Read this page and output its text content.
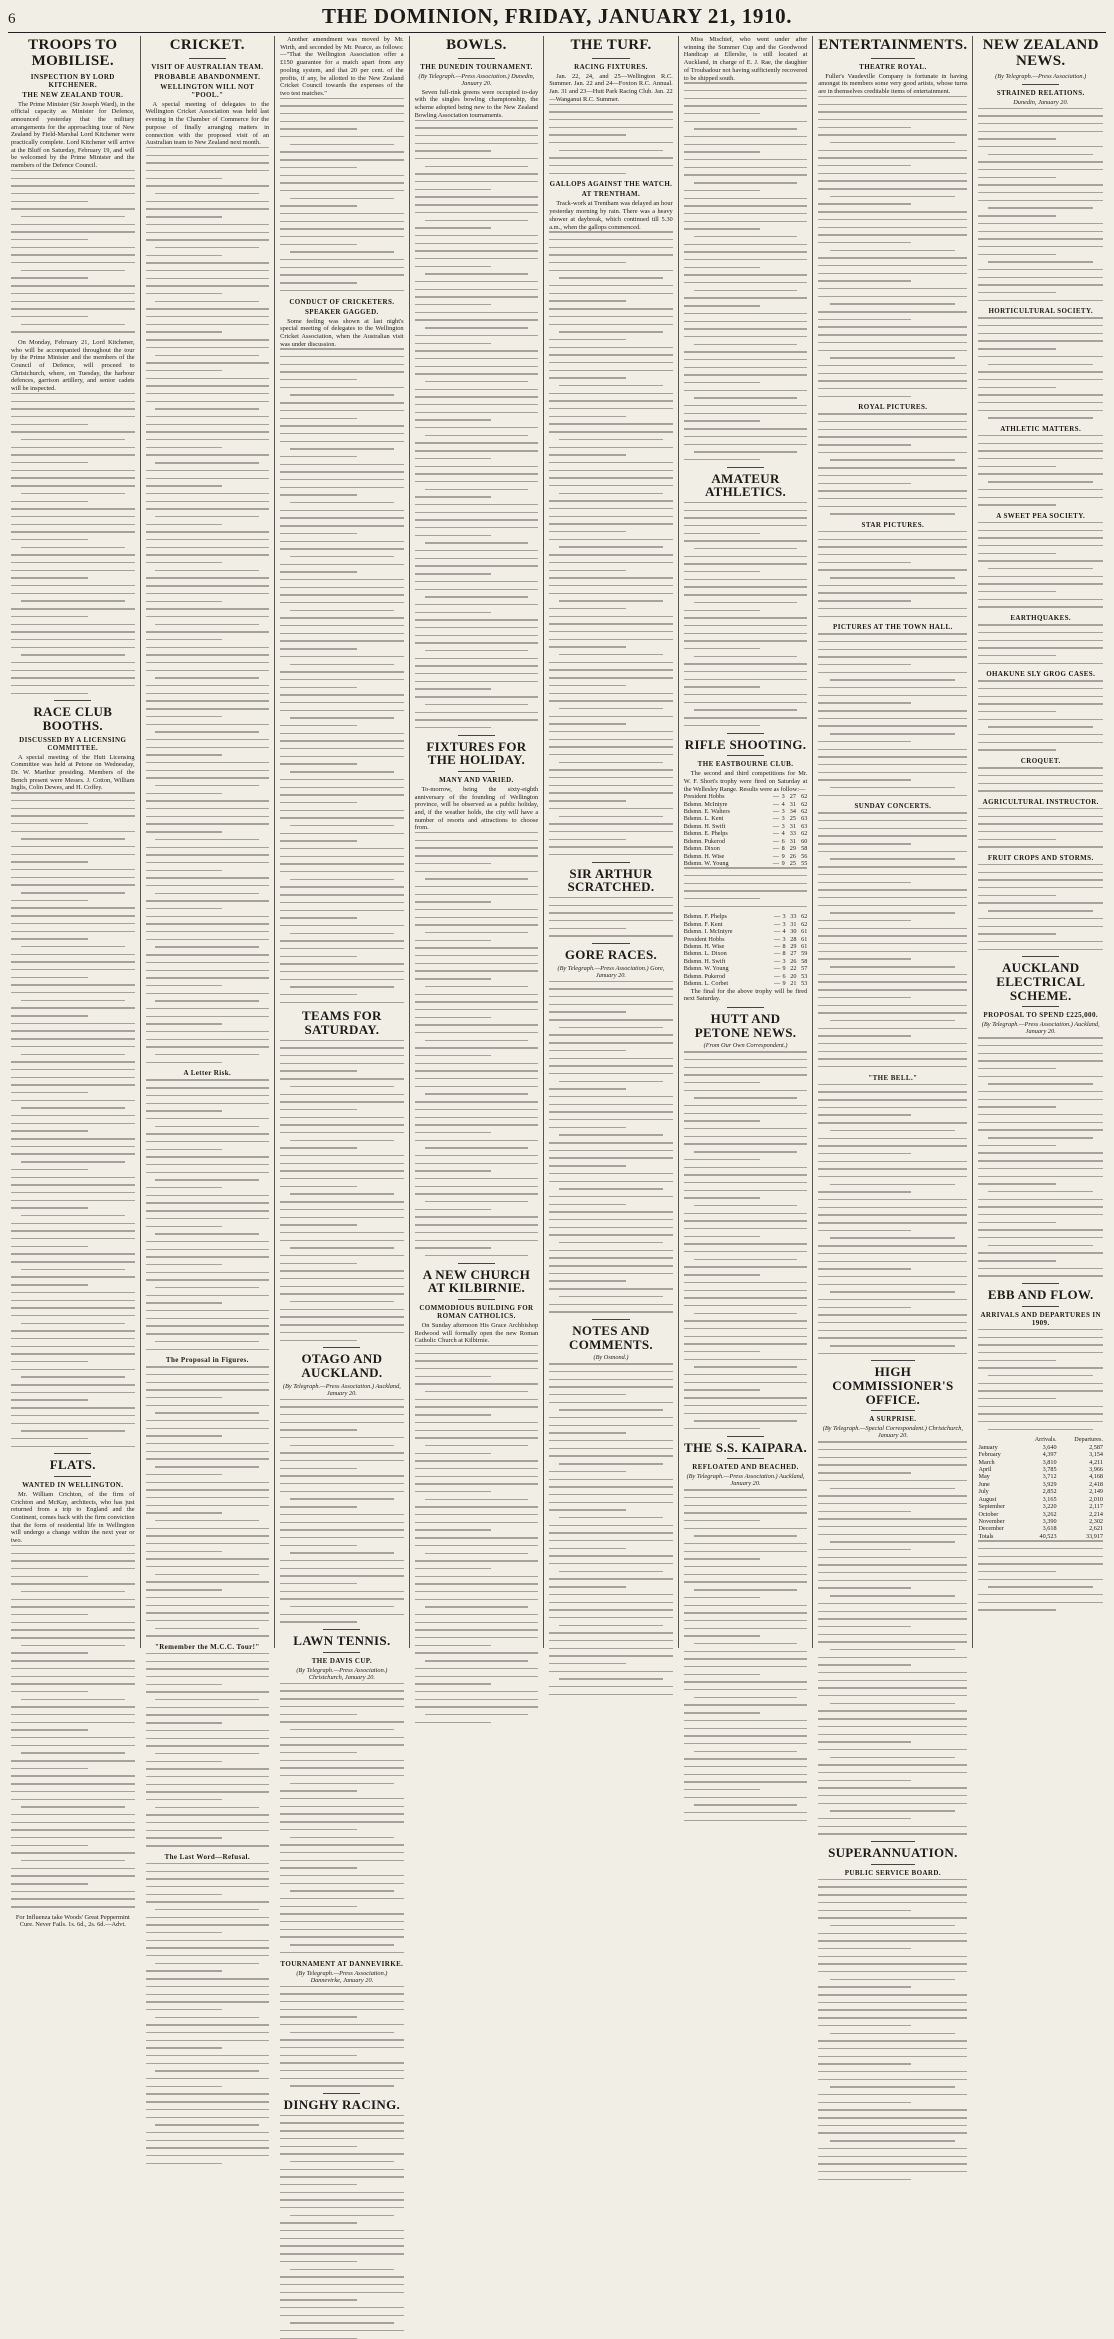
6	THE DOMINION, FRIDAY, JANUARY 21, 1910.
TROOPS TO MOBILISE.
INSPECTION BY LORD KITCHENER.
THE NEW ZEALAND TOUR.

The Prime Minister (Sir Joseph Ward), in the official capacity as Minister for Defence, announced yesterday that the military arrangements for the approaching tour of New Zealand by Field-Marshal Lord Kitchener were practically complete. Lord Kitchener will arrive at the Bluff on Saturday, February 19, and will be welcomed by the Prime Minister and the members of the Defence Council.

On Monday, February 21, Lord Kitchener, who will be accompanied throughout the tour by the Prime Minister and the members of the Council of Defence, will proceed to Christchurch, where, on Tuesday, the harbour defences, garrison artillery, and senior cadets will be inspected.

RACE CLUB BOOTHS.
DISCUSSED BY A LICENSING COMMITTEE.

A special meeting of the Hutt Licensing Committee was held at Petone on Wednesday, Dr. W. Marthur presiding. Members of the Bench present were Messrs. J. Cotton, William Inglis, Colin Dewes, and H. Coffey.

FLATS.
WANTED IN WELLINGTON.

Mr. William Crichton, of the firm of Crichton and McKay, architects, who has just returned from a trip to England and the Continent, comes back with the firm conviction that the form of residential life in Wellington will undergo a change within the next year or two.

For Influenza take Woods' Great Peppermint Cure. Never Fails. 1s. 6d., 2s. 6d.—Advt.
CRICKET.
VISIT OF AUSTRALIAN TEAM.
PROBABLE ABANDONMENT.
WELLINGTON WILL NOT "POOL."

A special meeting of delegates to the Wellington Cricket Association was held last evening in the Chamber of Commerce for the purpose of finally arranging matters in connection with the proposed visit of an Australian team to New Zealand next month.

A Letter Risk.
The Proposal in Figures.
"Remember the M.C.C. Tour!"
The Last Word—Refusal.

Another amendment was moved by Mr. Wirth, and seconded by Mr. Pearce, as follows:—"That the Wellington Association offer a £150 guarantee for a match apart from any pooling system, and that 20 per cent. of the profits, if any, be allotted to the New Zealand Cricket Council towards the expenses of the two test matches."

CONDUCT OF CRICKETERS.
SPEAKER GAGGED.

Some feeling was shown at last night's special meeting of delegates to the Wellington Cricket Association, when the Australian visit was under discussion.

TEAMS FOR SATURDAY.
OTAGO AND AUCKLAND.
(By Telegraph.—Press Association.) Auckland, January 20.
LAWN TENNIS.
THE DAVIS CUP.
(By Telegraph.—Press Association.) Christchurch, January 20.
TOURNAMENT AT DANNEVIRKE.
(By Telegraph.—Press Association.) Dannevirke, January 20.
DINGHY RACING.
BOWLS.
THE DUNEDIN TOURNAMENT.
(By Telegraph.—Press Association.) Dunedin, January 20.

Seven full-rink greens were occupied to-day with the singles bowling championship, the scheme adopted being new to the New Zealand Bowling Association tournaments.

FIXTURES FOR THE HOLIDAY.
MANY AND VARIED.

To-morrow, being the sixty-eighth anniversary of the founding of Wellington province, will be observed as a public holiday, and, if the weather holds, the city will have a number of resorts and attractions to choose from.

A NEW CHURCH AT KILBIRNIE.
COMMODIOUS BUILDING FOR ROMAN CATHOLICS.

On Sunday afternoon His Grace Archbishop Redwood will formally open the new Roman Catholic Church at Kilbirnie.

THE TURF.
RACING FIXTURES.

Jan. 22, 24, and 25—Wellington R.C. Summer. Jan. 22 and 24—Foxton R.C. Annual. Jan. 31 and 23—Hutt Park Racing Club. Jan. 22—Wanganui R.C. Summer.

GALLOPS AGAINST THE WATCH.
AT TRENTHAM.

Track-work at Trentham was delayed an hour yesterday morning by rain. There was a heavy shower at daybreak, which continued till 5.30 a.m., when the gallops commenced.

SIR ARTHUR SCRATCHED.
GORE RACES.
(By Telegraph.—Press Association.) Gore, January 20.
NOTES AND COMMENTS.
(By Osmond.)

Miss Mischief, who went under after winning the Summer Cup and the Goodwood Handicap at Ellerslie, is still located at Auckland, in charge of E. J. Rae, the daughter of Troubadour not having sufficiently recovered to be shipped south.

AMATEUR ATHLETICS.
RIFLE SHOOTING.
THE EASTBOURNE CLUB.

The second and third competitions for Mr. W. F. Short's trophy were fired on Saturday at the Wellesley Range. Results were as follow:—

President Hobbs	—	3	27	62
Bdsmn. McIntyre	—	4	31	62
Bdsmn. E. Walters	—	3	34	62
Bdsmn. L. Kent	—	3	25	63
Bdsmn. H. Swift	—	3	31	63
Bdsmn. E. Phelps	—	4	33	62
Bdsmn. Pukerod	—	6	31	60
Bdsmn. Dixon	—	8	29	58
Bdsmn. H. Wise	—	9	26	56
Bdsmn. W. Young	—	9	25	55
Bdsmn. F. Phelps	—	3	33	62
Bdsmn. F. Kent	—	3	31	62
Bdsmn. I. McIntyre	—	4	30	61
President Hobbs	—	3	28	61
Bdsmn. H. Wise	—	8	29	61
Bdsmn. L. Dixon	—	8	27	59
Bdsmn. H. Swift	—	3	26	58
Bdsmn. W. Young	—	9	22	57
Bdsmn. Pukerod	—	6	20	53
Bdsmn. L. Corbet	—	9	21	53

The final for the above trophy will be fired next Saturday.

HUTT AND PETONE NEWS.
(From Our Own Correspondent.)
THE S.S. KAIPARA.
REFLOATED AND BEACHED.
(By Telegraph.—Press Association.) Auckland, January 20.
ENTERTAINMENTS.
THEATRE ROYAL.

Fuller's Vaudeville Company is fortunate in having amongst its members some very good artists, whose turns are in themselves creditable items of entertainment.

ROYAL PICTURES.
STAR PICTURES.
PICTURES AT THE TOWN HALL.
SUNDAY CONCERTS.
"THE BELL."
HIGH COMMISSIONER'S OFFICE.
A SURPRISE.
(By Telegraph.—Special Correspondent.) Christchurch, January 20.
SUPERANNUATION.
PUBLIC SERVICE BOARD.
NEW ZEALAND NEWS.
(By Telegraph.—Press Association.)
STRAINED RELATIONS.
Dunedin, January 20.
HORTICULTURAL SOCIETY.
ATHLETIC MATTERS.
A SWEET PEA SOCIETY.
EARTHQUAKES.
OHAKUNE SLY GROG CASES.
CROQUET.
AGRICULTURAL INSTRUCTOR.
FRUIT CROPS AND STORMS.
AUCKLAND ELECTRICAL SCHEME.
PROPOSAL TO SPEND £225,000.
(By Telegraph.—Press Association.) Auckland, January 20.
EBB AND FLOW.
ARRIVALS AND DEPARTURES IN 1909.
	Arrivals.	Departures.
January	3,640	2,587
February	4,397	3,154
March	3,810	4,211
April	3,785	3,966
May	3,712	4,168
June	3,929	2,418
July	2,852	2,149
August	3,165	2,010
September	3,220	2,117
October	3,262	2,214
November	3,390	2,302
December	3,618	2,621
Totals	40,523	33,917
